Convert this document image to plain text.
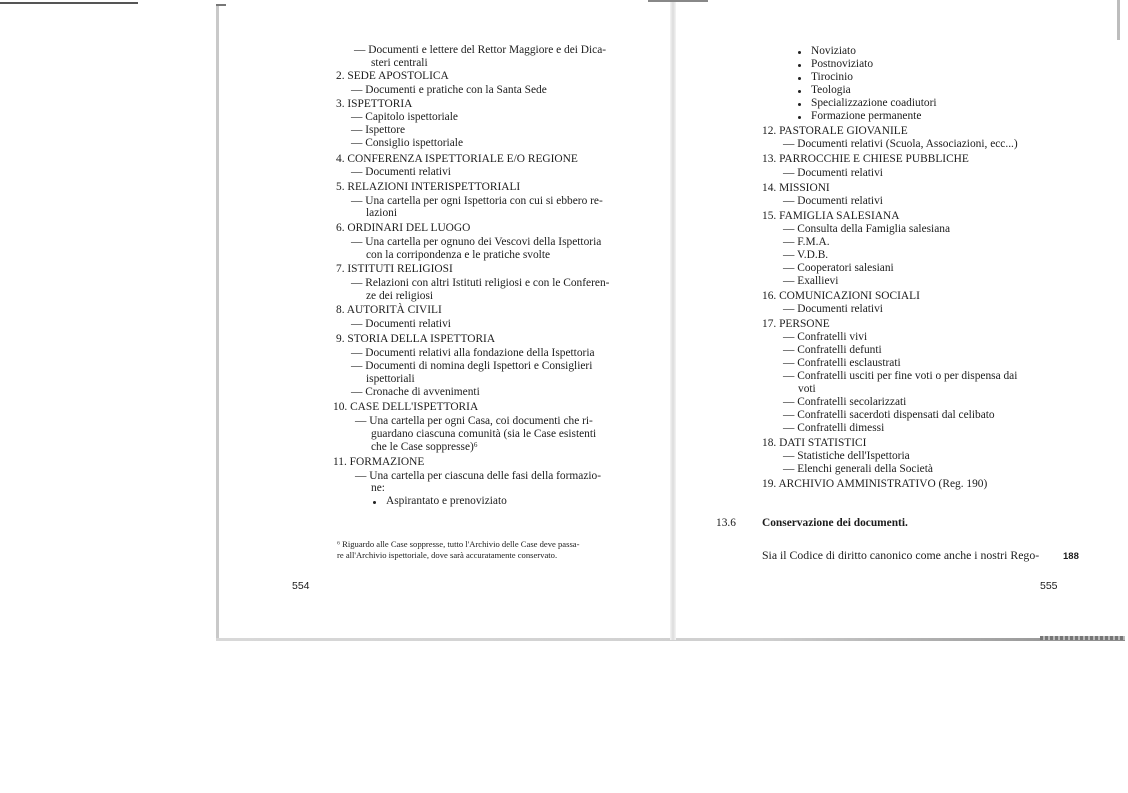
— Documenti e lettere del Rettor Maggiore e dei Dica-
steri centrali
2. SEDE APOSTOLICA
— Documenti e pratiche con la Santa Sede
3. ISPETTORIA
— Capitolo ispettoriale
— Ispettore
— Consiglio ispettoriale
4. CONFERENZA ISPETTORIALE E/O REGIONE
— Documenti relativi
5. RELAZIONI INTERISPETTORIALI
— Una cartella per ogni Ispettoria con cui si ebbero re-
lazioni
6. ORDINARI DEL LUOGO
— Una cartella per ognuno dei Vescovi della Ispettoria
con la corripondenza e le pratiche svolte
7. ISTITUTI RELIGIOSI
— Relazioni con altri Istituti religiosi e con le Conferen-
ze dei religiosi
8. AUTORITÀ CIVILI
— Documenti relativi
9. STORIA DELLA ISPETTORIA
— Documenti relativi alla fondazione della Ispettoria
— Documenti di nomina degli Ispettori e Consiglieri
ispettoriali
— Cronache di avvenimenti
10. CASE DELL'ISPETTORIA
— Una cartella per ogni Casa, coi documenti che ri-
guardano ciascuna comunità (sia le Case esistenti
che le Case soppresse)⁶
11. FORMAZIONE
— Una cartella per ciascuna delle fasi della formazio-
ne:
Aspirantato e prenoviziato
⁶ Riguardo alle Case soppresse, tutto l'Archivio delle Case deve passa-
re all'Archivio ispettoriale, dove sarà accuratamente conservato.
554
Noviziato
Postnoviziato
Tirocinio
Teologia
Specializzazione coadiutori
Formazione permanente
12. PASTORALE GIOVANILE
— Documenti relativi (Scuola, Associazioni, ecc...)
13. PARROCCHIE E CHIESE PUBBLICHE
— Documenti relativi
14. MISSIONI
— Documenti relativi
15. FAMIGLIA SALESIANA
— Consulta della Famiglia salesiana
— F.M.A.
— V.D.B.
— Cooperatori salesiani
— Exallievi
16. COMUNICAZIONI SOCIALI
— Documenti relativi
17. PERSONE
— Confratelli vivi
— Confratelli defunti
— Confratelli esclaustrati
— Confratelli usciti per fine voti o per dispensa dai
voti
— Confratelli secolarizzati
— Confratelli sacerdoti dispensati dal celibato
— Confratelli dimessi
18. DATI STATISTICI
— Statistiche dell'Ispettoria
— Elenchi generali della Società
19. ARCHIVIO AMMINISTRATIVO (Reg. 190)
13.6 Conservazione dei documenti.
Sia il Codice di diritto canonico come anche i nostri Rego-	188
555
